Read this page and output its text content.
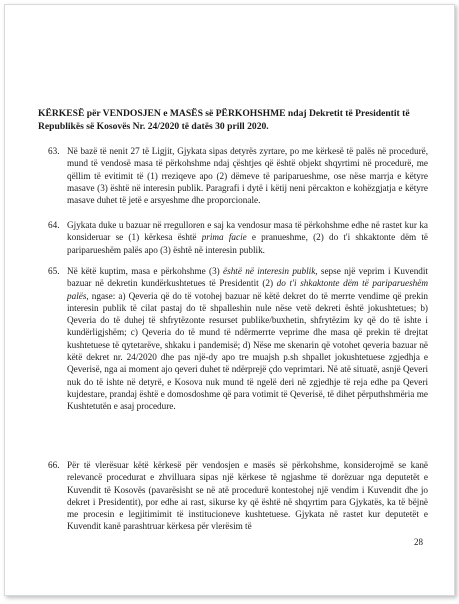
KËRKESË për VENDOSJEN e MASËS së PËRKOHSHME ndaj Dekretit të Presidentit të Republikës së Kosovës Nr. 24/2020 të datës 30 prill 2020.
63. Në bazë të nenit 27 të Ligjit, Gjykata sipas detyrës zyrtare, po me kërkesë të palës në procedurë, mund të vendosë masa të përkohshme ndaj çështjes që është objekt shqyrtimi në procedurë, me qëllim të evitimit të (1) rreziqeve apo (2) dëmeve të pariparueshme, ose nëse marrja e këtyre masave (3) është në interesin publik. Paragrafi i dytë i këtij neni përcakton e kohëzgjatja e këtyre masave duhet të jetë e arsyeshme dhe proporcionale.

64. Gjykata duke u bazuar në rregulloren e saj ka vendosur masa të përkohshme edhe në rastet kur ka konsideruar se (1) kërkesa është prima facie e pranueshme, (2) do t'i shkaktonte dëm të pariparueshëm palës apo (3) është në interesin publik.

65. Në këtë kuptim, masa e përkohshme (3) është në interesin publik, sepse një veprim i Kuvendit bazuar në dekretin kundërkushtetues të Presidentit (2) do t'i shkaktonte dëm të pariparueshëm palës, ngase: a) Qeveria që do të votohej bazuar në këtë dekret do të merrte vendime që prekin interesin publik të cilat pastaj do të shpalleshin nule nëse vetë dekreti është jokushtetues; b) Qeveria do të duhej të shfrytëzonte resurset publike/buxhetin, shfrytëzim ky që do të ishte i kundërligjshëm; c) Qeveria do të mund të ndërmerrte veprime dhe masa që prekin të drejtat kushtetuese të qytetarëve, shkaku i pandemisë; d) Nëse me skenarin që votohet qeveria bazuar në këtë dekret nr. 24/2020 dhe pas një-dy apo tre muajsh p.sh shpallet jokushtetuese zgjedhja e Qeverisë, nga ai moment ajo qeveri duhet të ndërprejë çdo veprimtari. Në atë situatë, asnjë Qeveri nuk do të ishte në detyrë, e Kosova nuk mund të ngelë deri në zgjedhje të reja edhe pa Qeveri kujdestare, prandaj është e domosdoshme që para votimit të Qeverisë, të dihet përputhshmëria me Kushtetutën e asaj procedure.

66. Për të vlerësuar këtë kërkesë për vendosjen e masës së përkohshme, konsiderojmë se kanë relevancë procedurat e zhvilluara sipas një kërkese të ngjashme të dorëzuar nga deputetët e Kuvendit të Kosovës (pavarësisht se në atë procedurë kontestohej një vendim i Kuvendit dhe jo dekret i Presidentit), por edhe ai rast, sikurse ky që është në shqyrtim para Gjykatës, ka të bëjnë me procesin e legjitimimit të institucioneve kushtetuese. Gjykata në rastet kur deputetët e Kuvendit kanë parashtruar kërkesa për vlerësim të

28
